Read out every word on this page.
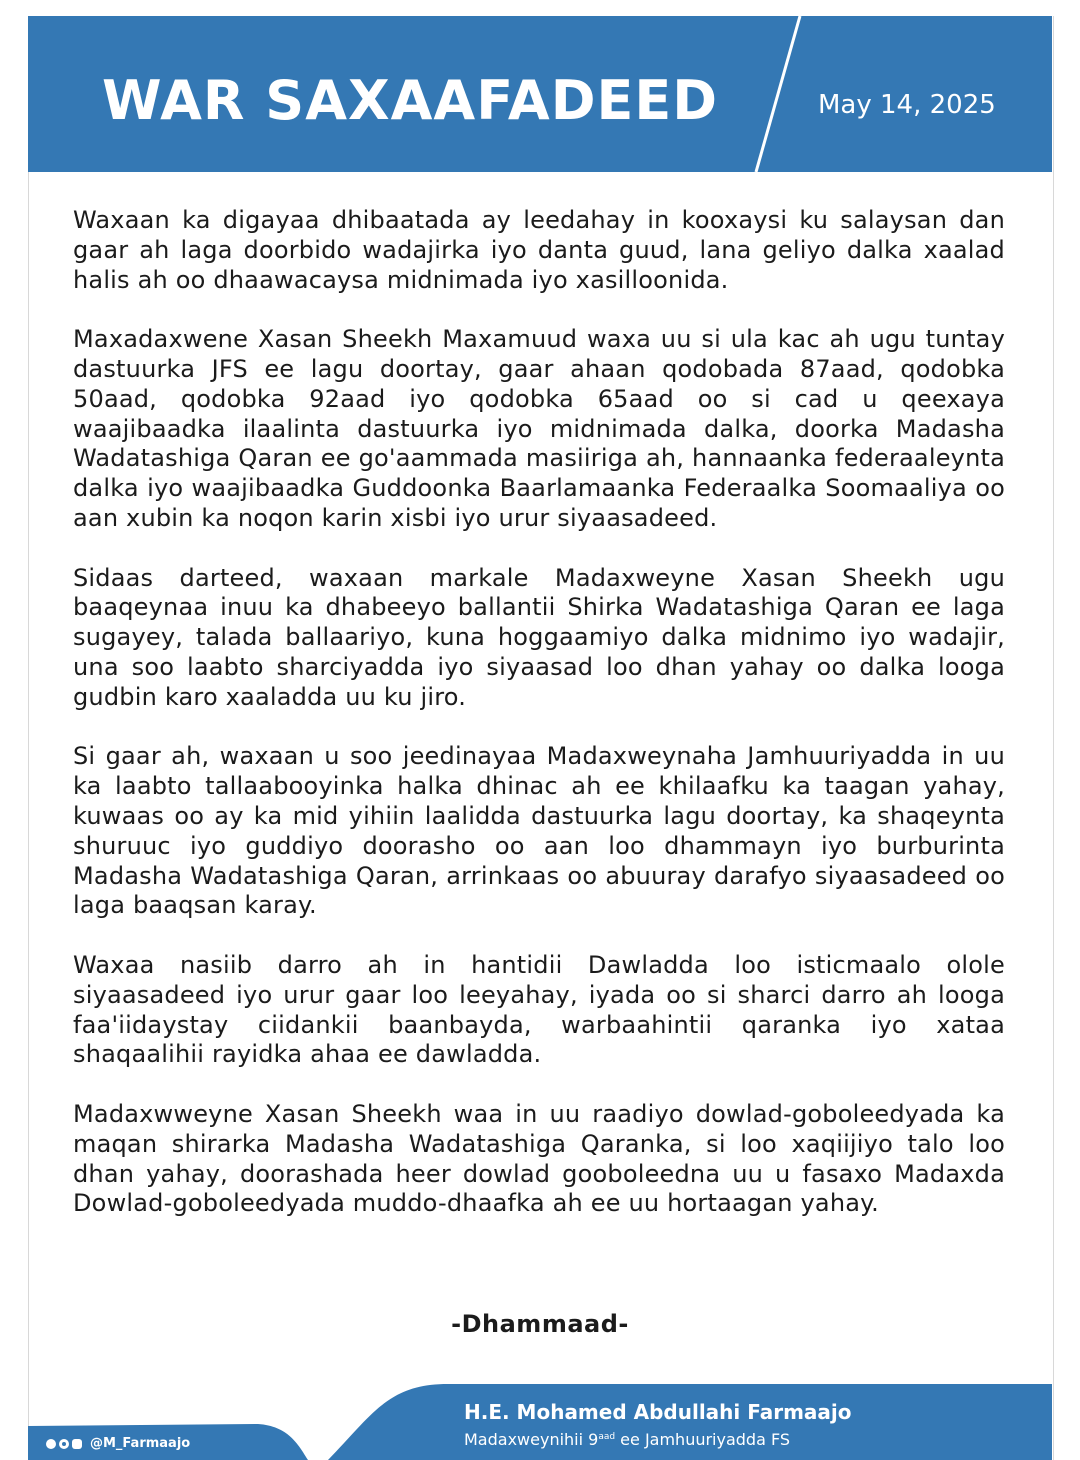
WAR SAXAAFADEED	May 14, 2025

Waxaan ka digayaa dhibaatada ay leedahay in kooxaysi ku salaysan dan gaar ah laga doorbido wadajirka iyo danta guud, lana geliyo dalka xaalad halis ah oo dhaawacaysa midnimada iyo xasilloonida.

Maxadaxwene Xasan Sheekh Maxamuud waxa uu si ula kac ah ugu tuntay dastuurka JFS ee lagu doortay, gaar ahaan qodobada 87aad, qodobka 50aad, qodobka 92aad iyo qodobka 65aad oo si cad u qeexaya waajibaadka ilaalinta dastuurka iyo midnimada dalka, doorka Madasha Wadatashiga Qaran ee go'aammada masiiriga ah, hannaanka federaaleynta dalka iyo waajibaadka Guddoonka Baarlamaanka Federaalka Soomaaliya oo aan xubin ka noqon karin xisbi iyo urur siyaasadeed.

Sidaas darteed, waxaan markale Madaxweyne Xasan Sheekh ugu baaqeynaa inuu ka dhabeeyo ballantii Shirka Wadatashiga Qaran ee laga sugayey, talada ballaariyo, kuna hoggaamiyo dalka midnimo iyo wadajir, una soo laabto sharciyadda iyo siyaasad loo dhan yahay oo dalka looga gudbin karo xaaladda uu ku jiro.

Si gaar ah, waxaan u soo jeedinayaa Madaxweynaha Jamhuuriyadda in uu ka laabto tallaabooyinka halka dhinac ah ee khilaafku ka taagan yahay, kuwaas oo ay ka mid yihiin laalidda dastuurka lagu doortay, ka shaqeynta shuruuc iyo guddiyo doorasho oo aan loo dhammayn iyo burburinta Madasha Wadatashiga Qaran, arrinkaas oo abuuray darafyo siyaasadeed oo laga baaqsan karay.

Waxaa nasiib darro ah in hantidii Dawladda loo isticmaalo olole siyaasadeed iyo urur gaar loo leeyahay, iyada oo si sharci darro ah looga faa'iidaystay ciidankii baanbayda, warbaahintii qaranka iyo xataa shaqaalihii rayidka ahaa ee dawladda.

Madaxwweyne Xasan Sheekh waa in uu raadiyo dowlad-goboleedyada ka maqan shirarka Madasha Wadatashiga Qaranka, si loo xaqiijiyo talo loo dhan yahay, doorashada heer dowlad gooboleedna uu u fasaxo Madaxda Dowlad-goboleedyada muddo-dhaafka ah ee uu hortaagan yahay.

-Dhammaad-
H.E. Mohamed Abdullahi Farmaajo
Madaxweynihii $9^{aad}$ ee Jamhuuriyadda FS
@M_Farmaajo
